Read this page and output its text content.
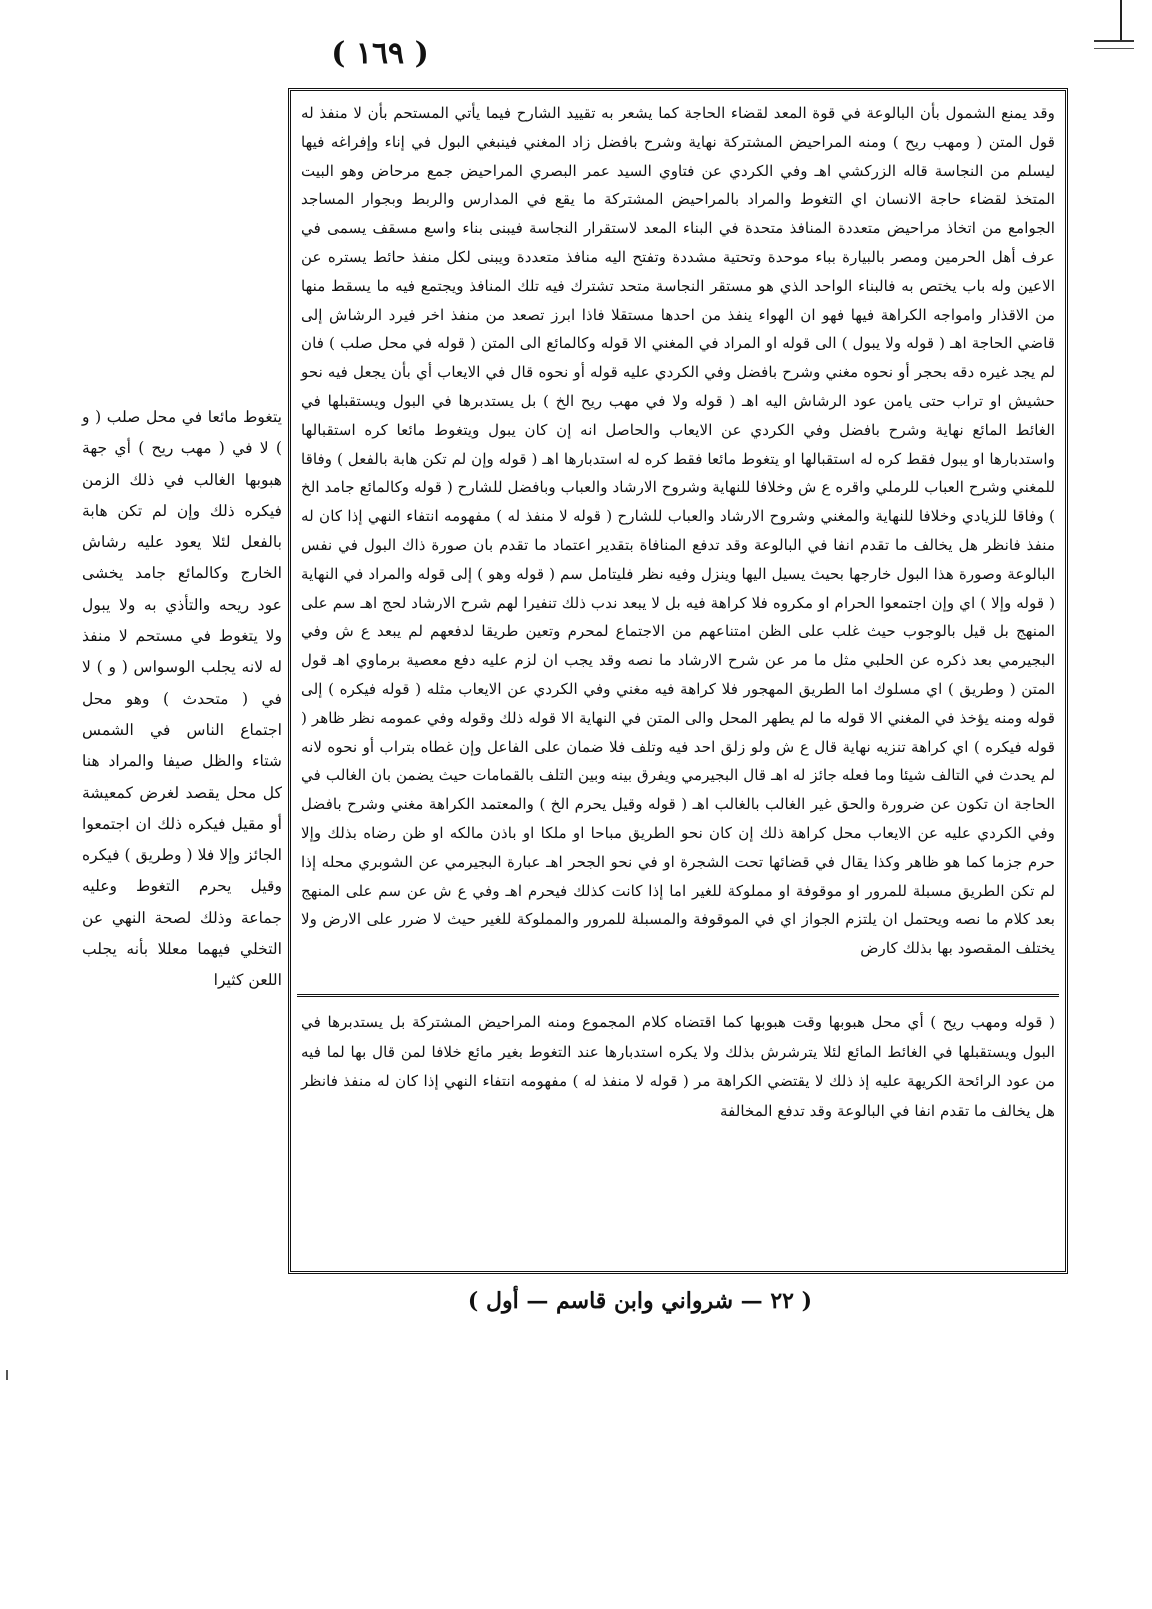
( ١٦٩ )
وقد يمنع الشمول بأن البالوعة في قوة المعد لقضاء الحاجة كما يشعر به تقييد الشارح فيما يأتي المستحم بأن لا منفذ له قول المتن ( ومهب ريح ) ومنه المراحيض المشتركة نهاية وشرح بافضل زاد المغني فينبغي البول في إناء وإفراغه فيها ليسلم من النجاسة قاله الزركشي اهـ وفي الكردي عن فتاوي السيد عمر البصري المراحيض جمع مرحاض وهو البيت المتخذ لقضاء حاجة الانسان اي التغوط والمراد بالمراحيض المشتركة ما يقع في المدارس والربط وبجوار المساجد الجوامع من اتخاذ مراحيض متعددة المنافذ متحدة في البناء المعد لاستقرار النجاسة فيبنى بناء واسع مسقف يسمى في عرف أهل الحرمين ومصر بالبيارة بباء موحدة وتحتية مشددة وتفتح اليه منافذ متعددة ويبنى لكل منفذ حائط يستره عن الاعين وله باب يختص به فالبناء الواحد الذي هو مستقر النجاسة متحد تشترك فيه تلك المنافذ ويجتمع فيه ما يسقط منها من الاقذار وامواجه الكراهة فيها فهو ان الهواء ينفذ من احدها مستقلا فاذا ابرز تصعد من منفذ اخر فيرد الرشاش إلى قاضي الحاجة اهـ ( قوله ولا يبول ) الى قوله او المراد في المغني الا قوله وكالمائع الى المتن ( قوله في محل صلب ) فان لم يجد غيره دقه بحجر أو نحوه مغني وشرح بافضل وفي الكردي عليه قوله أو نحوه قال في الايعاب أي بأن يجعل فيه نحو حشيش او تراب حتى يامن عود الرشاش اليه اهـ ( قوله ولا في مهب ريح الخ ) بل يستدبرها في البول ويستقبلها في الغائط المائع نهاية وشرح بافضل وفي الكردي عن الايعاب والحاصل انه إن كان يبول ويتغوط مائعا كره استقبالها واستدبارها او يبول فقط كره له استقبالها او يتغوط مائعا فقط كره له استدبارها اهـ ( قوله وإن لم تكن هابة بالفعل ) وفاقا للمغني وشرح العباب للرملي واقره ع ش وخلافا للنهاية وشروح الارشاد والعباب وبافضل للشارح ( قوله وكالمائع جامد الخ ) وفاقا للزيادي وخلافا للنهاية والمغني وشروح الارشاد والعباب للشارح ( قوله لا منفذ له ) مفهومه انتفاء النهي إذا كان له منفذ فانظر هل يخالف ما تقدم انفا في البالوعة وقد تدفع المنافاة بتقدير اعتماد ما تقدم بان صورة ذاك البول في نفس البالوعة وصورة هذا البول خارجها بحيث يسيل اليها وينزل وفيه نظر فليتامل سم ( قوله وهو ) إلى قوله والمراد في النهاية ( قوله وإلا ) اي وإن اجتمعوا الحرام او مكروه فلا كراهة فيه بل لا يبعد ندب ذلك تنفيرا لهم شرح الارشاد لحج اهـ سم على المنهج بل قيل بالوجوب حيث غلب على الظن امتناعهم من الاجتماع لمحرم وتعين طريقا لدفعهم لم يبعد ع ش وفي البجيرمي بعد ذكره عن الحلبي مثل ما مر عن شرح الارشاد ما نصه وقد يجب ان لزم عليه دفع معصية برماوي اهـ قول المتن ( وطريق ) اي مسلوك اما الطريق المهجور فلا كراهة فيه مغني وفي الكردي عن الايعاب مثله ( قوله فيكره ) إلى قوله ومنه يؤخذ في المغني الا قوله ما لم يطهر المحل والى المتن في النهاية الا قوله ذلك وقوله وفي عمومه نظر ظاهر ( قوله فيكره ) اي كراهة تنزيه نهاية قال ع ش ولو زلق احد فيه وتلف فلا ضمان على الفاعل وإن غطاه بتراب أو نحوه لانه لم يحدث في التالف شيئا وما فعله جائز له اهـ قال البجيرمي ويفرق بينه وبين التلف بالقمامات حيث يضمن بان الغالب في الحاجة ان تكون عن ضرورة والحق غير الغالب بالغالب اهـ ( قوله وقيل يحرم الخ ) والمعتمد الكراهة مغني وشرح بافضل وفي الكردي عليه عن الايعاب محل كراهة ذلك إن كان نحو الطريق مباحا او ملكا او باذن مالكه او ظن رضاه بذلك وإلا حرم جزما كما هو ظاهر وكذا يقال في قضائها تحت الشجرة او في نحو الجحر اهـ عبارة البجيرمي عن الشوبري محله إذا لم تكن الطريق مسبلة للمرور او موقوفة او مملوكة للغير اما إذا كانت كذلك فيحرم اهـ وفي ع ش عن سم على المنهج بعد كلام ما نصه ويحتمل ان يلتزم الجواز اي في الموقوفة والمسبلة للمرور والمملوكة للغير حيث لا ضرر على الارض ولا يختلف المقصود بها بذلك كارض
( قوله ومهب ريح ) أي محل هبوبها وقت هبوبها كما اقتضاه كلام المجموع ومنه المراحيض المشتركة بل يستدبرها في البول ويستقبلها في الغائط المائع لئلا يترشرش بذلك ولا يكره استدبارها عند التغوط بغير مائع خلافا لمن قال بها لما فيه من عود الرائحة الكريهة عليه إذ ذلك لا يقتضي الكراهة مر ( قوله لا منفذ له ) مفهومه انتفاء النهي إذا كان له منفذ فانظر هل يخالف ما تقدم انفا في البالوعة وقد تدفع المخالفة
يتغوط مائعا في محل صلب ( و ) لا في ( مهب ريح ) أي جهة هبوبها الغالب في ذلك الزمن فيكره ذلك وإن لم تكن هابة بالفعل لئلا يعود عليه رشاش الخارج وكالمائع جامد يخشى عود ريحه والتأذي به ولا يبول ولا يتغوط في مستحم لا منفذ له لانه يجلب الوسواس ( و ) لا في ( متحدث ) وهو محل اجتماع الناس في الشمس شتاء والظل صيفا والمراد هنا كل محل يقصد لغرض كمعيشة أو مقيل فيكره ذلك ان اجتمعوا الجائز وإلا فلا ( وطريق ) فيكره وقيل يحرم التغوط وعليه جماعة وذلك لصحة النهي عن التخلي فيهما معللا بأنه يجلب اللعن كثيرا
( ٢٢ — شرواني وابن قاسم — أول )
